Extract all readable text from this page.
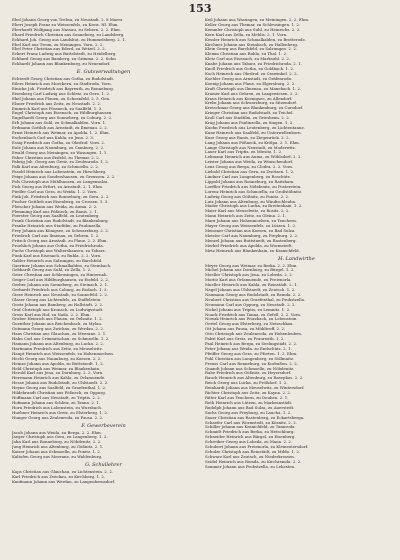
153

Ebel Johann Georg von Trebsa, zu Neustadt. 2. 8 Maerz

Ebert Joseph Franz zu Weissenfels, zu Kreis. Hl. Ehm.

Eberhardt Wolfgang aus Nassau, zu Sebern. 2. 2. Ehm.

Ehard Friedrich Christian aus Sonneberg, zu Landsberg.

Eckhard Joh. Georg aus Landshut, zu Hummelsberg. 2. 1.

Ebel Karl aus Treun, zu Meiningen. Vorn. 2. 2.

Ebel Peter Christian aus Ederd, zu Wetzel. 2. 2.

Eckert Franz Ludwig aus Buttelstedt, zu Heidelberg.

Eckhard Georg aus Bamberg, zu Grimma. 2. 2. Sohn

Eckhardt Johann aus Blankenburg, zu Neuendorf.

E. Gutsverwaltungen

Echterdt Georg Christian aus Gotha, zu Rudolstadt.

Eilers Heinrich aus Moeckern, zu Stadtroda. Vorn.

Einicke Joh. Friedrich aus Bayreuth, zu Ronneburg.

Eisenberg Carl Ludwig aus Schleiz, zu Gera. 1. 2.

Ekel Johann aus Plauen, zu Schoenfeld. 2. 5. Gen.

Elsner Friedrich aus Zeitz, zu Neustadt. 2. 2.

Emmrich Karl aus Pössneck, zu Saalfeld. 1. 3.

Engel Christoph aus Eisenach, zu Hildburghausen.

Engelhardt Georg aus Sonneberg, zu Coburg. 2. 2.

Erb Johann aus Suhl, zu Schmalkalden. Vorn. 1.

Erdmann Gottlob aus Arnstadt, zu Ilmenau. 2. 2.

Ernst Heinrich aus Weimar, zu Apolda. 1. 2. Ehm.

Eschenbach Carl aus Kahla, zu Jena. 2. 3.

Essig Friedrich aus Gotha, zu Ohrdruf. Vorn. 2.

Eule Johann aus Naumburg, zu Camburg. 2. 2.

Ewald Georg aus Meiningen, zu Wasungen. 1. 1.

Faber Christian aus Eisfeld, zu Themar. 2. 2.

Fahrig Joh. Georg aus Greiz, zu Zeulenroda. 1. 2.

Falk Karl aus Altenburg, zu Schmoelln. 2. 2.

Fasold Heinrich aus Lobenstein, zu Hirschberg.

Feige Johann aus Sondershausen, zu Greussen. 2. 2.

Fels Christoph aus Mühlhausen, zu Langensalza.

Fick Georg aus Erfurt, zu Arnstadt. 2. 1. Ehm.

Fiedler Carl aus Gera, zu Weida. 1. 2. Vorn.

Fink Joh. Friedrich aus Ronneburg, zu Gera. 2. 2.

Fischer Gottlieb aus Eisenberg, zu Crossen. 1. 3.

Fleischer Johann aus Weida, zu Auma. 2. 2.

Flemming Karl aus Pößneck, zu Ranis. 2. 1.

Foerster Georg aus Saalfeld, zu Leutenberg.

Frank Christian aus Rudolstadt, zu Blankenburg.

Franke Heinrich aus Stadtilm, zu Paulinzella.

Frey Johann aus Königsee, zu Schwarzburg. 2. 2.

Friedrich Carl aus Ilmenau, zu Gehren. 1. 2.

Fritsch Georg aus Arnstadt, zu Plaue. 2. 2. Ehm.

Froehlich Johann aus Gotha, zu Friedrichroda.

Fuchs Christoph aus Waltershausen, zu Tabarz.

Funk Karl aus Eisenach, zu Ruhla. 2. 2. Vorn.

Gabler Heinrich aus Salzungen, zu Barchfeld.

Gaertner Johann aus Schmalkalden, zu Steinbach.

Gebhardt Georg aus Suhl, zu Zella. 1. 2.

Geier Christian aus Schleusingen, zu Hinternah.

Geiger Carl aus Hildburghausen, zu Eisfeld. 2. 2.

Gerber Johann aus Sonneberg, zu Steinach. 2. 1.

Gerhardt Friedrich aus Coburg, zu Rodach. 1. 2.

Giese Heinrich aus Neustadt, zu Sonnefeld. 2. 2.

Glaser Georg aus Lichtenfels, zu Staffelstein.

Goetz Johann aus Bamberg, zu Hallstadt. 2. 2.

Graf Christoph aus Kronach, zu Ludwigsstadt.

Gross Karl aus Hof, zu Naila. 2. 2. Ehm.

Gruber Heinrich aus Plauen, zu Oelsnitz. 1. 2.

Guenther Johann aus Reichenbach, zu Mylau.

Gutmann Georg aus Zwickau, zu Werdau. 2. 2.

Haas Christian aus Glauchau, zu Meerane. 2. 1.

Hahn Carl aus Crimmitschau, zu Schmoelln. 1. 2.

Hamann Johann aus Altenburg, zu Lucka. 2. 2.

Hartmann Friedrich aus Zeitz, zu Meuselwitz.

Haupt Heinrich aus Weissenfels, zu Hohenmoelsen.

Hecht Georg aus Naumburg, zu Koesen. 2. 2.

Heinze Johann aus Apolda, zu Buttstaedt. 1. 2.

Held Christoph aus Weimar, zu Blankenhain.

Herold Karl aus Jena, zu Dornburg. 2. 2. Vorn.

Herrmann Heinrich aus Kahla, zu Orlamuende.

Hesse Johann aus Rudolstadt, zu Uhlstaedt. 2. 2.

Heyne Georg aus Saalfeld, zu Graefenthal. 1. 2.

Hildebrandt Christian aus Pößneck, zu Oppurg.

Hoffmann Carl aus Neustadt, zu Triptis. 2. 2.

Hofmann Johann aus Schleiz, zu Tanna. 2. 1.

Horn Friedrich aus Lobenstein, zu Wurzbach.

Huebner Heinrich aus Greiz, zu Elsterberg. 1. 2.

Hunger Georg aus Zeulenroda, zu Pausa. 2. 2.

F. Gewerbeverein

Jacob Johann aus Weida, zu Berga. 2. 2. Ehm.

Jaeger Christoph aus Gera, zu Langenberg. 1. 2.

Jahn Karl aus Ronneburg, zu Nöbdenitz. 2. 2.

Jung Heinrich aus Altenburg, zu Gößnitz. 2. 1.

Kaiser Johann aus Schmoelln, zu Ponitz. 1. 2.

Kaltofen Georg aus Meerane, zu Waldenburg.

G. Schullehrer

Kaps Christian aus Glauchau, zu Lichtenstein. 2. 2.

Karl Friedrich aus Zwickau, zu Kirchberg. 1. 2.

Kaufmann Johann aus Werdau, zu Langenbernsdorf.

Keil Johann aus Wasungen, zu Meiningen. 2. 2. Ehm.

Keller Georg aus Themar, zu Schleusingen. 1. 2.

Kemmler Christoph aus Suhl, zu Heinrichs. 2. 2.

Kern Karl aus Zella, zu Mehlis. 2. 1. Vorn.

Kessler Heinrich aus Schmalkalden, zu Brotterode.

Kirchner Johann aus Steinbach, zu Hallenberg.

Klein Georg aus Barchfeld, zu Salzungen. 2. 2.

Klemm Christian aus Ruhla, zu Thal. 1. 2.

Klotz Carl aus Eisenach, zu Marksuhl. 2. 2.

Knabe Johann aus Tabarz, zu Friedrichroda. 2. 1.

Knoll Friedrich aus Gotha, zu Goldbach. 1. 2.

Koch Heinrich aus Ohrdruf, zu Crawinkel. 2. 2.

Koehler Georg aus Arnstadt, zu Gräfenroda.

Koenig Johann aus Plaue, zu Elgersburg. 2. 2.

Kraft Christoph aus Ilmenau, zu Manebach. 1. 2.

Kramer Karl aus Gehren, zu Langewiesen. 2. 2.

Kraus Heinrich aus Koenigsee, zu Allendorf.

Krebs Johann aus Schwarzburg, zu Sitzendorf.

Kretschmar Georg aus Blankenburg, zu Cursdorf.

Krieger Christian aus Rudolstadt, zu Teichel.

Kroll Carl aus Stadtilm, zu Griesheim. 2. 2.

Krug Johann aus Paulinzella, zu Singen. 1. 2.

Kuehn Friedrich aus Leutenberg, zu Lichtentanne.

Kunz Heinrich aus Saalfeld, zu Unterwellenborn.

Kurz Georg aus Ranis, zu Ziegenrück. 2. 2.

Lang Johann aus Pößneck, zu Krölpa. 2. 1. Ehm.

Lange Christoph aus Neustadt, zu Moderwitz.

Lauer Karl aus Triptis, zu Miesitz. 1. 2.

Lehmann Heinrich aus Auma, zu Wöhlsdorf. 2. 2.

Leister Johann aus Weida, zu Wünschendorf.

Lenz Georg aus Berga, zu Clodra. 2. 2. Vorn.

Liebold Christian aus Gera, zu Zwötzen. 1. 2.

Lindner Carl aus Langenberg, zu Roschütz.

Lippold Johann aus Ronneburg, zu Raitzhain.

Loeffler Friedrich aus Nöbdenitz, zu Posterstein.

Lorenz Heinrich aus Schmoelln, zu Großstöbnitz.

Ludwig Georg aus Gößnitz, zu Ponitz. 2. 2.

Lutz Johann aus Altenburg, zu Windischleuba.

Mader Christoph aus Lucka, zu Breitenhain. 1. 2.

Maier Karl aus Meuselwitz, zu Rositz. 2. 2.

Mann Heinrich aus Zeitz, zu Gleina. 2. 1.

Marx Johann aus Hohenmoelsen, zu Teuchern.

Mayer Georg aus Weissenfels, zu Lützen. 1. 2.

Meissner Christian aus Koesen, zu Bad Sulza.

Meister Carl aus Naumburg, zu Freyburg. 2. 2.

Menzel Johann aus Buttstaedt, zu Rastenberg.

Merkel Friedrich aus Apolda, zu Wormstedt.

Metz Heinrich aus Blankenhain, zu Kranichfeld.

H. Landwirthe

Meyer Georg aus Weimar, zu Berka. 2. 2. Ehm.

Michel Johann aus Dornburg, zu Bürgel. 1. 2.

Moeller Christoph aus Jena, zu Lobeda. 2. 2.

Moritz Karl aus Orlamuende, zu Freienorla.

Mueller Heinrich aus Kahla, zu Reinstädt. 2. 1.

Nagel Johann aus Uhlstaedt, zu Zeutsch. 1. 2.

Naumann Georg aus Rudolstadt, zu Remda. 2. 2.

Neubert Christian aus Graefenthal, zu Probstzella.

Neumann Carl aus Oppurg, zu Neustadt. 2. 2.

Nickel Johann aus Triptis, zu Lemnitz. 1. 2.

Noack Friedrich aus Tanna, zu Gefell. 2. 2. Vorn.

Nowak Heinrich aus Wurzbach, zu Lobenstein.

Oertel Georg aus Elsterberg, zu Netzschkau.

Ott Johann aus Pausa, zu Mühltroff. 2. 2.

Otto Christoph aus Zeulenroda, zu Hohenleuben.

Pabst Karl aus Greiz, zu Fraureuth. 1. 2.

Paul Heinrich aus Berga, zu Seelingstädt. 2. 2.

Peter Johann aus Weida, zu Endschütz. 2. 1.

Pfeiffer Georg aus Gera, zu Pforten. 1. 2. Ehm.

Pohl Christian aus Langenberg, zu Söllmnitz.

Preuss Carl aus Ronneburg, zu Korbußen. 2. 2.

Quandt Johann aus Schmoelln, zu Nöbdenitz.

Rabe Friedrich aus Gößnitz, zu Heyersdorf.

Rauch Heinrich aus Altenburg, zu Rasephas. 2. 2.

Reich Georg aus Lucka, zu Prößdorf. 1. 2.

Reinhardt Johann aus Meuselwitz, zu Wintersdorf.

Richter Christoph aus Zeitz, zu Kayna. 2. 2.

Ritter Karl aus Teuchern, zu Deuben. 2. 1.

Roth Heinrich aus Lützen, zu Markranstädt.

Rudolph Johann aus Bad Sulza, zu Auerstedt.

Sachs Georg aus Freyburg, zu Laucha. 1. 2.

Sauer Christian aus Rastenberg, zu Eckartsberga.

Schaefer Carl aus Wormstedt, zu Kösnitz. 2. 2.

Schiller Johann aus Kranichfeld, zu Tannroda.

Schmidt Friedrich aus Berka, zu Hetschburg.

Schneider Heinrich aus Bürgel, zu Eisenberg.

Schreiber Georg aus Lobeda, zu Maua. 2. 2.

Schubert Johann aus Freienorla, zu Kleineutersdorf.

Schulze Christoph aus Reinstädt, zu Milda. 1. 2.

Schwarz Karl aus Zeutsch, zu Niederkrossen.

Seidel Heinrich aus Remda, zu Kirchremda. 2. 2.

Sommer Johann aus Probstzella, zu Lehesten.
